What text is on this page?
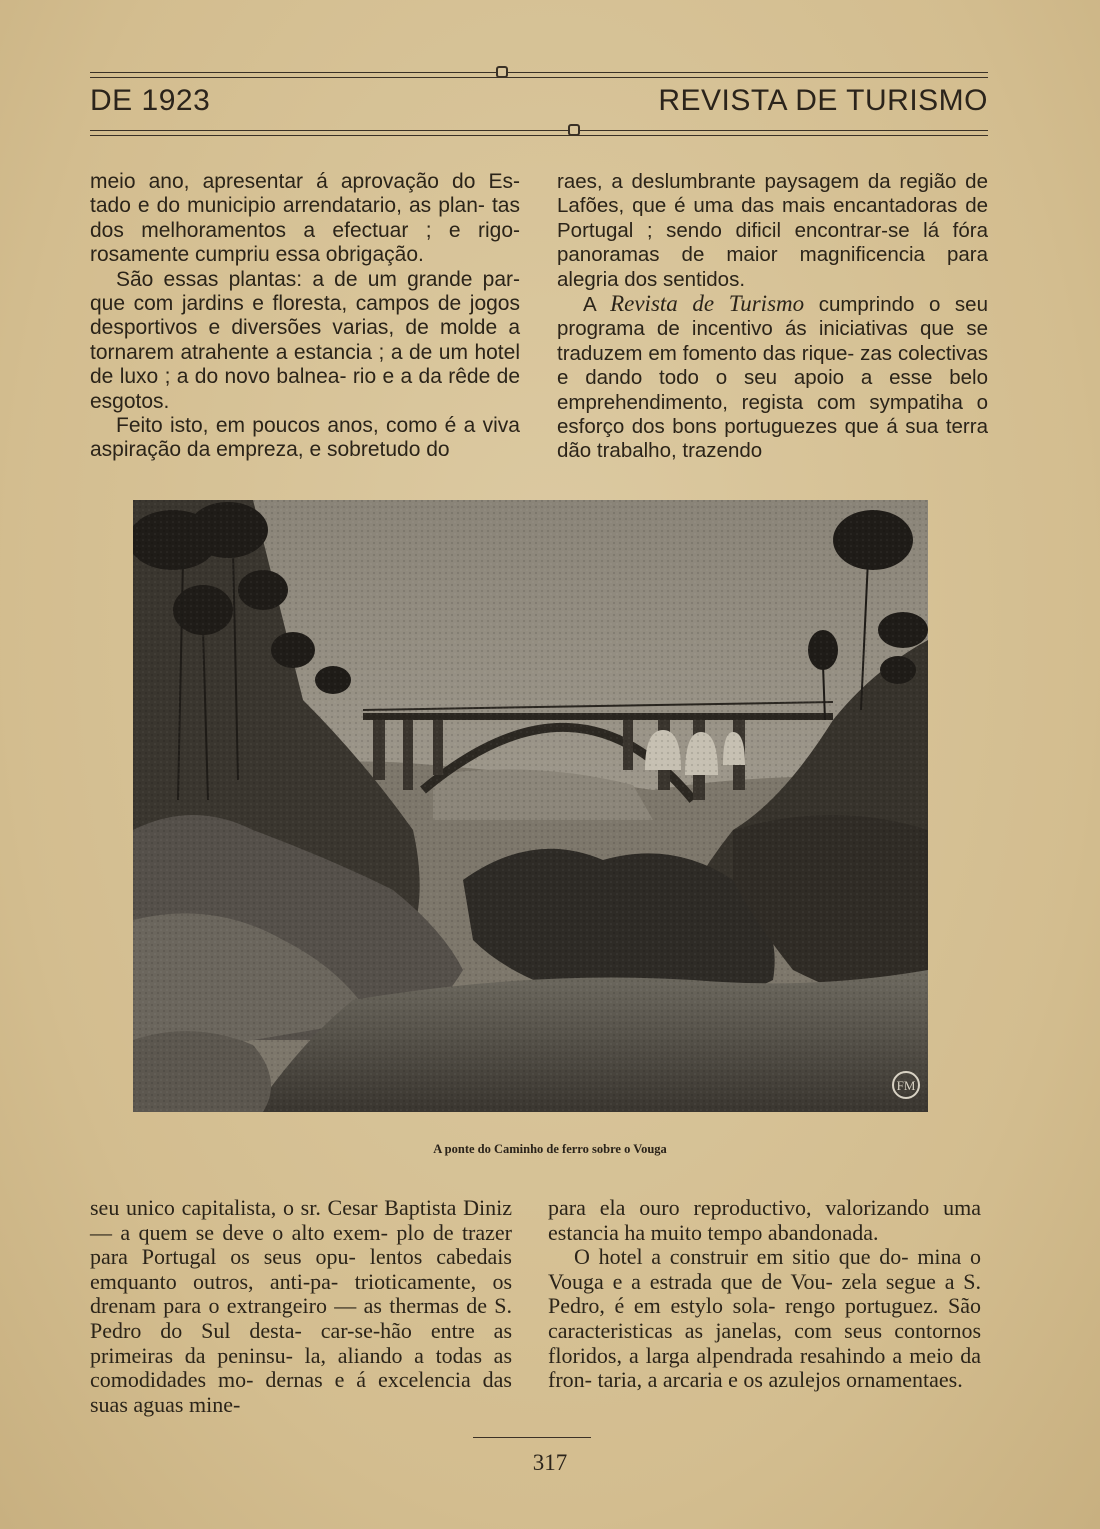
DE 1923	REVISTA DE TURISMO

meio ano, apresentar á aprovação do Es- tado e do municipio arrendatario, as plan- tas dos melhoramentos a efectuar ; e rigo- rosamente cumpriu essa obrigação.

São essas plantas: a de um grande par- que com jardins e floresta, campos de jogos desportivos e diversões varias, de molde a tornarem atrahente a estancia ; a de um hotel de luxo ; a do novo balnea- rio e a da rêde de esgotos.

Feito isto, em poucos anos, como é a viva aspiração da empreza, e sobretudo do

raes, a deslumbrante paysagem da região de Lafões, que é uma das mais encantadoras de Portugal ; sendo dificil encontrar-se lá fóra panoramas de maior magnificencia para alegria dos sentidos.

A Revista de Turismo cumprindo o seu programa de incentivo ás iniciativas que se traduzem em fomento das rique- zas colectivas e dando todo o seu apoio a esse belo emprehendimento, regista com sympatiha o esforço dos bons portuguezes que á sua terra dão trabalho, trazendo

FM
A ponte do Caminho de ferro sobre o Vouga

seu unico capitalista, o sr. Cesar Baptista Diniz — a quem se deve o alto exem- plo de trazer para Portugal os seus opu- lentos cabedais emquanto outros, anti-pa- trioticamente, os drenam para o extrangeiro — as thermas de S. Pedro do Sul desta- car-se-hão entre as primeiras da peninsu- la, aliando a todas as comodidades mo- dernas e á excelencia das suas aguas mine-

para ela ouro reproductivo, valorizando uma estancia ha muito tempo abandonada.

O hotel a construir em sitio que do- mina o Vouga e a estrada que de Vou- zela segue a S. Pedro, é em estylo sola- rengo portuguez. São caracteristicas as janelas, com seus contornos floridos, a larga alpendrada resahindo a meio da fron- taria, a arcaria e os azulejos ornamentaes.

317
